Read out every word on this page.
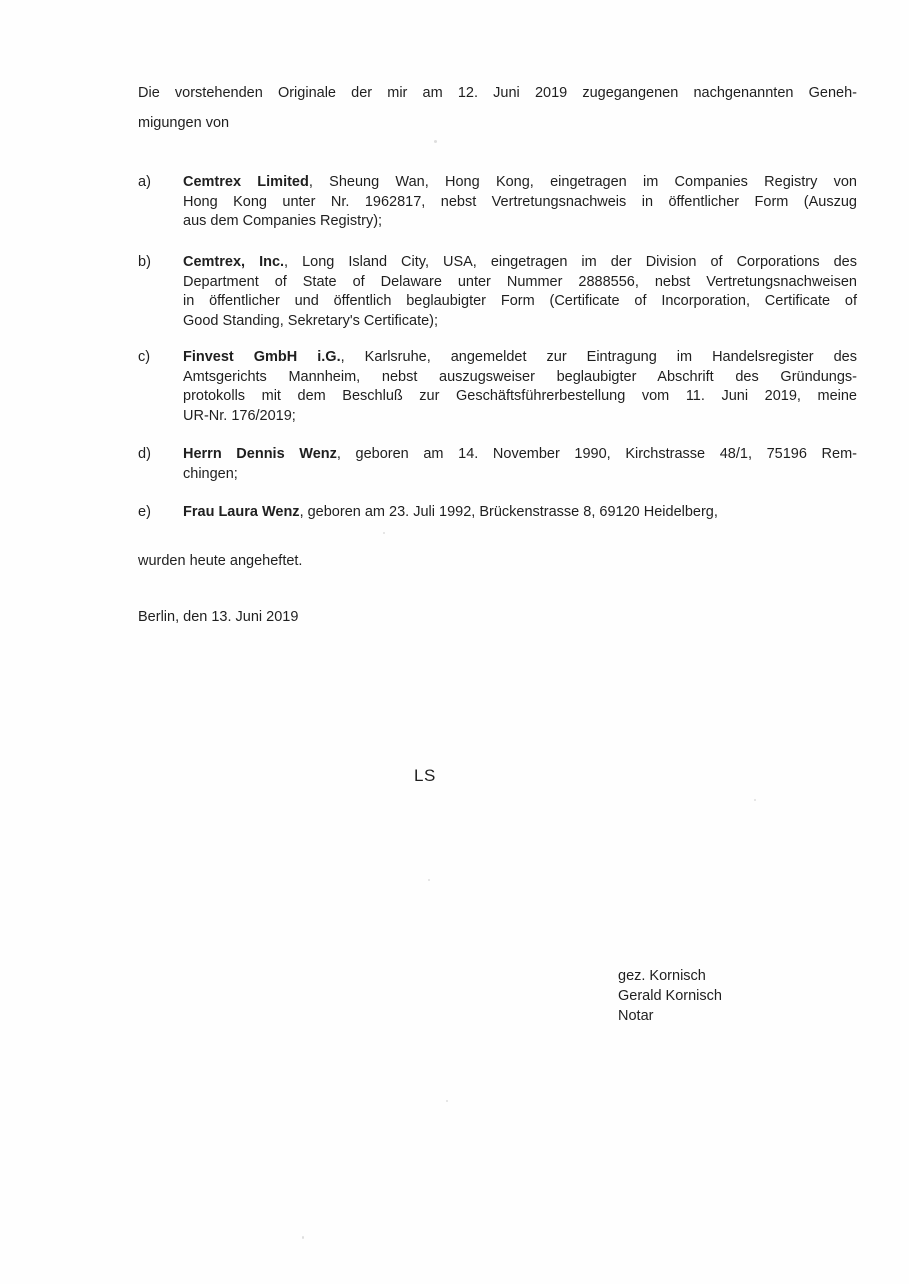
Die vorstehenden Originale der mir am 12. Juni 2019 zugegangenen nachgenannten Geneh-
migungen von
a) Cemtrex Limited, Sheung Wan, Hong Kong, eingetragen im Companies Registry von
Hong Kong unter Nr. 1962817, nebst Vertretungsnachweis in öffentlicher Form (Auszug
aus dem Companies Registry);
b) Cemtrex, Inc., Long Island City, USA, eingetragen im der Division of Corporations des
Department of State of Delaware unter Nummer 2888556, nebst Vertretungsnachweisen
in öffentlicher und öffentlich beglaubigter Form (Certificate of Incorporation, Certificate of
Good Standing, Sekretary's Certificate);
c) Finvest GmbH i.G., Karlsruhe, angemeldet zur Eintragung im Handelsregister des
Amtsgerichts Mannheim, nebst auszugsweiser beglaubigter Abschrift des Gründungs-
protokolls mit dem Beschluß zur Geschäftsführerbestellung vom 11. Juni 2019, meine
UR-Nr. 176/2019;
d) Herrn Dennis Wenz, geboren am 14. November 1990, Kirchstrasse 48/1, 75196 Rem-
chingen;
e) Frau Laura Wenz, geboren am 23. Juli 1992, Brückenstrasse 8, 69120 Heidelberg,
wurden heute angeheftet.
Berlin, den 13. Juni 2019
LS
gez. Kornisch
Gerald Kornisch
Notar
